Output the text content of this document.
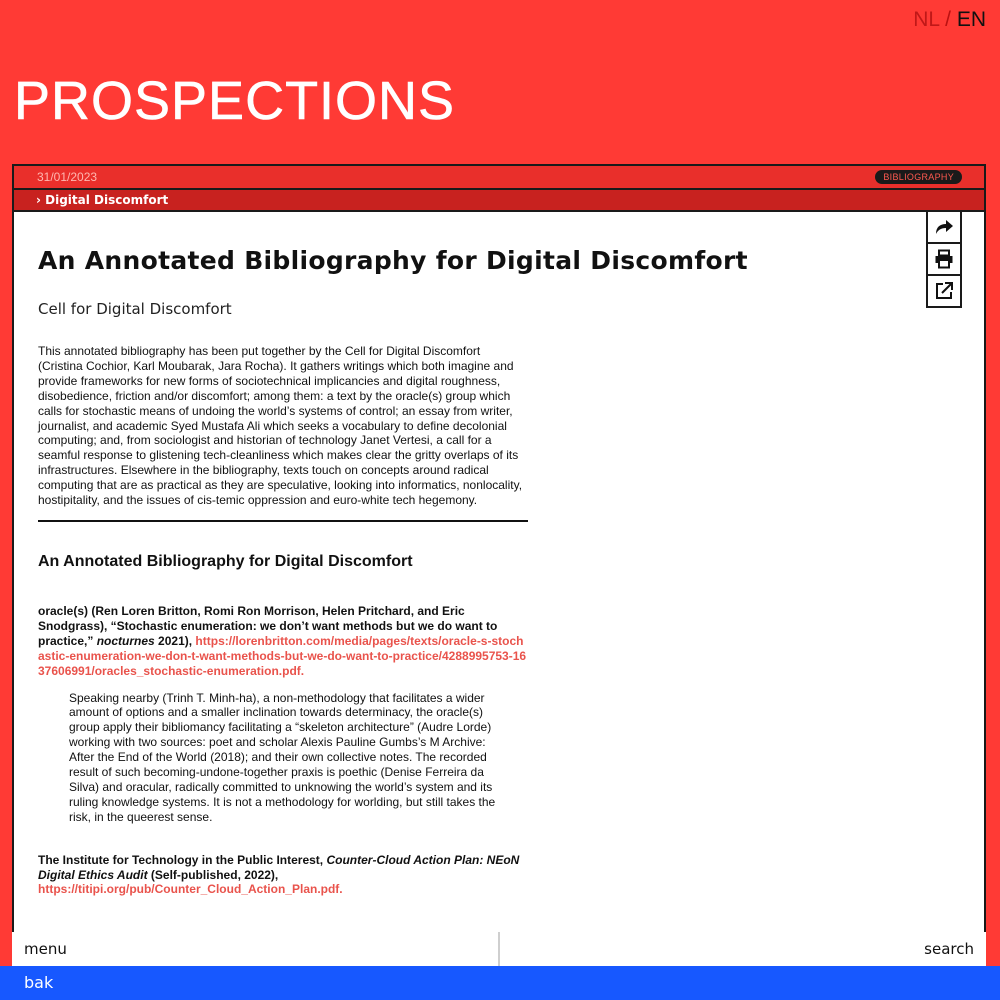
NL / EN
PROSPECTIONS
31/01/2023	BIBLIOGRAPHY
› Digital Discomfort
An Annotated Bibliography for Digital Discomfort
Cell for Digital Discomfort

This annotated bibliography has been put together by the Cell for Digital Discomfort (Cristina Cochior, Karl Moubarak, Jara Rocha). It gathers writings which both imagine and provide frameworks for new forms of sociotechnical implicancies and digital roughness, disobedience, friction and/or discomfort; among them: a text by the oracle(s) group which calls for stochastic means of undoing the world’s systems of control; an essay from writer, journalist, and academic Syed Mustafa Ali which seeks a vocabulary to define decolonial computing; and, from sociologist and historian of technology Janet Vertesi, a call for a seamful response to glistening tech-cleanliness which makes clear the gritty overlaps of its infrastructures. Elsewhere in the bibliography, texts touch on concepts around radical computing that are as practical as they are speculative, looking into informatics, nonlocality, hostipitality, and the issues of cis-temic oppression and euro-white tech hegemony.

An Annotated Bibliography for Digital Discomfort
oracle(s) (Ren Loren Britton, Romi Ron Morrison, Helen Pritchard, and Eric Snodgrass), “Stochastic enumeration: we don’t want methods but we do want to practice,” nocturnes 2021), https://lorenbritton.com/media/pages/texts/oracle-s-stochastic-enumeration-we-don-t-want-methods-but-we-do-want-to-practice/4288995753-1637606991/oracles_stochastic-enumeration.pdf.
Speaking nearby (Trinh T. Minh-ha), a non-methodology that facilitates a wider amount of options and a smaller inclination towards determinacy, the oracle(s) group apply their bibliomancy facilitating a “skeleton architecture” (Audre Lorde) working with two sources: poet and scholar Alexis Pauline Gumbs’s M Archive: After the End of the World (2018); and their own collective notes. The recorded result of such becoming-undone-together praxis is poethic (Denise Ferreira da Silva) and oracular, radically committed to unknowing the world’s system and its ruling knowledge systems. It is not a methodology for worlding, but still takes the risk, in the queerest sense.
The Institute for Technology in the Public Interest, Counter-Cloud Action Plan: NEoN Digital Ethics Audit (Self-published, 2022),
https://titipi.org/pub/Counter_Cloud_Action_Plan.pdf.
menu	search
bak
